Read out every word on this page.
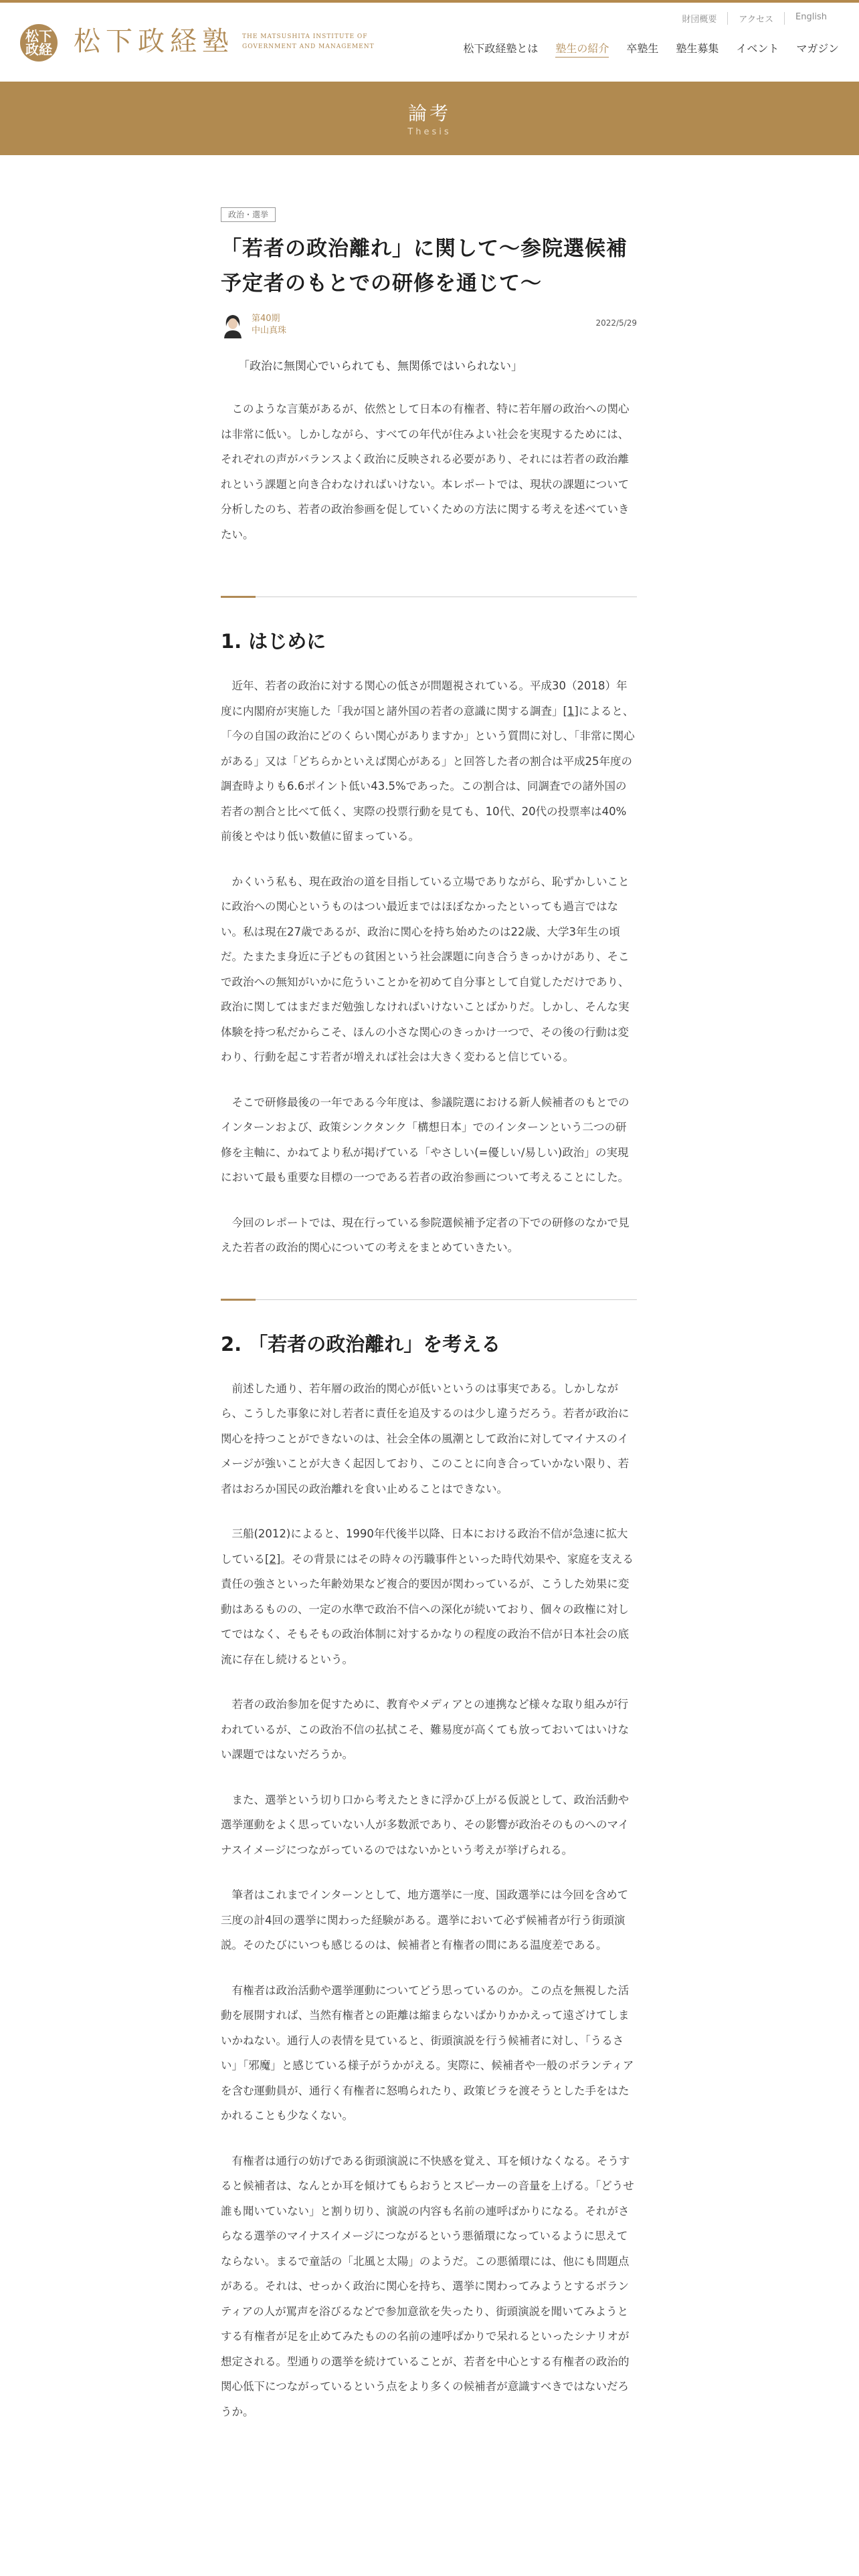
松下
政経 松下政経塾 THE MATSUSHITA INSTITUTE OF
GOVERNMENT AND MANAGEMENT
財団概要	アクセス	English
松下政経塾とは 塾生の紹介 卒塾生 塾生募集 イベント マガジン
論考
Thesis
政治・選挙
「若者の政治離れ」に関して～参院選候補予定者のもとでの研修を通じて～
第40期
中山真珠
2022/5/29
「政治に無関心でいられても、無関係ではいられない」

このような言葉があるが、依然として日本の有権者、特に若年層の政治への関心は非常に低い。しかしながら、すべての年代が住みよい社会を実現するためには、それぞれの声がバランスよく政治に反映される必要があり、それには若者の政治離れという課題と向き合わなければいけない。本レポートでは、現状の課題について分析したのち、若者の政治参画を促していくための方法に関する考えを述べていきたい。

1. はじめに

近年、若者の政治に対する関心の低さが問題視されている。平成30（2018）年度に内閣府が実施した「我が国と諸外国の若者の意識に関する調査」[1]によると、「今の自国の政治にどのくらい関心がありますか」という質問に対し、「非常に関心がある」又は「どちらかといえば関心がある」と回答した者の割合は平成25年度の調査時よりも6.6ポイント低い43.5%であった。この割合は、同調査での諸外国の若者の割合と比べて低く、実際の投票行動を見ても、10代、20代の投票率は40%前後とやはり低い数値に留まっている。

かくいう私も、現在政治の道を目指している立場でありながら、恥ずかしいことに政治への関心というものはつい最近まではほぼなかったといっても過言ではない。私は現在27歳であるが、政治に関心を持ち始めたのは22歳、大学3年生の頃だ。たまたま身近に子どもの貧困という社会課題に向き合うきっかけがあり、そこで政治への無知がいかに危ういことかを初めて自分事として自覚しただけであり、政治に関してはまだまだ勉強しなければいけないことばかりだ。しかし、そんな実体験を持つ私だからこそ、ほんの小さな関心のきっかけ一つで、その後の行動は変わり、行動を起こす若者が増えれば社会は大きく変わると信じている。

そこで研修最後の一年である今年度は、参議院選における新人候補者のもとでのインターンおよび、政策シンクタンク「構想日本」でのインターンという二つの研修を主軸に、かねてより私が掲げている「やさしい(=優しい/易しい)政治」の実現において最も重要な目標の一つである若者の政治参画について考えることにした。

今回のレポートでは、現在行っている参院選候補予定者の下での研修のなかで見えた若者の政治的関心についての考えをまとめていきたい。

2. 「若者の政治離れ」を考える

前述した通り、若年層の政治的関心が低いというのは事実である。しかしながら、こうした事象に対し若者に責任を追及するのは少し違うだろう。若者が政治に関心を持つことができないのは、社会全体の風潮として政治に対してマイナスのイメージが強いことが大きく起因しており、このことに向き合っていかない限り、若者はおろか国民の政治離れを食い止めることはできない。

三船(2012)によると、1990年代後半以降、日本における政治不信が急速に拡大している[2]。その背景にはその時々の汚職事件といった時代効果や、家庭を支える責任の強さといった年齢効果など複合的要因が関わっているが、こうした効果に変動はあるものの、一定の水準で政治不信への深化が続いており、個々の政権に対してではなく、そもそもの政治体制に対するかなりの程度の政治不信が日本社会の底流に存在し続けるという。

若者の政治参加を促すために、教育やメディアとの連携など様々な取り組みが行われているが、この政治不信の払拭こそ、難易度が高くても放っておいてはいけない課題ではないだろうか。

また、選挙という切り口から考えたときに浮かび上がる仮説として、政治活動や選挙運動をよく思っていない人が多数派であり、その影響が政治そのものへのマイナスイメージにつながっているのではないかという考えが挙げられる。

筆者はこれまでインターンとして、地方選挙に一度、国政選挙には今回を含めて三度の計4回の選挙に関わった経験がある。選挙において必ず候補者が行う街頭演説。そのたびにいつも感じるのは、候補者と有権者の間にある温度差である。

有権者は政治活動や選挙運動についてどう思っているのか。この点を無視した活動を展開すれば、当然有権者との距離は縮まらないばかりかかえって遠ざけてしまいかねない。通行人の表情を見ていると、街頭演説を行う候補者に対し、「うるさい」「邪魔」と感じている様子がうかがえる。実際に、候補者や一般のボランティアを含む運動員が、通行く有権者に怒鳴られたり、政策ビラを渡そうとした手をはたかれることも少なくない。

有権者は通行の妨げである街頭演説に不快感を覚え、耳を傾けなくなる。そうすると候補者は、なんとか耳を傾けてもらおうとスピーカーの音量を上げる。「どうせ誰も聞いていない」と割り切り、演説の内容も名前の連呼ばかりになる。それがさらなる選挙のマイナスイメージにつながるという悪循環になっているように思えてならない。まるで童話の「北風と太陽」のようだ。この悪循環には、他にも問題点がある。それは、せっかく政治に関心を持ち、選挙に関わってみようとするボランティアの人が罵声を浴びるなどで参加意欲を失ったり、街頭演説を聞いてみようとする有権者が足を止めてみたものの名前の連呼ばかりで呆れるといったシナリオが想定される。型通りの選挙を続けていることが、若者を中心とする有権者の政治的関心低下につながっているという点をより多くの候補者が意識すべきではないだろうか。
